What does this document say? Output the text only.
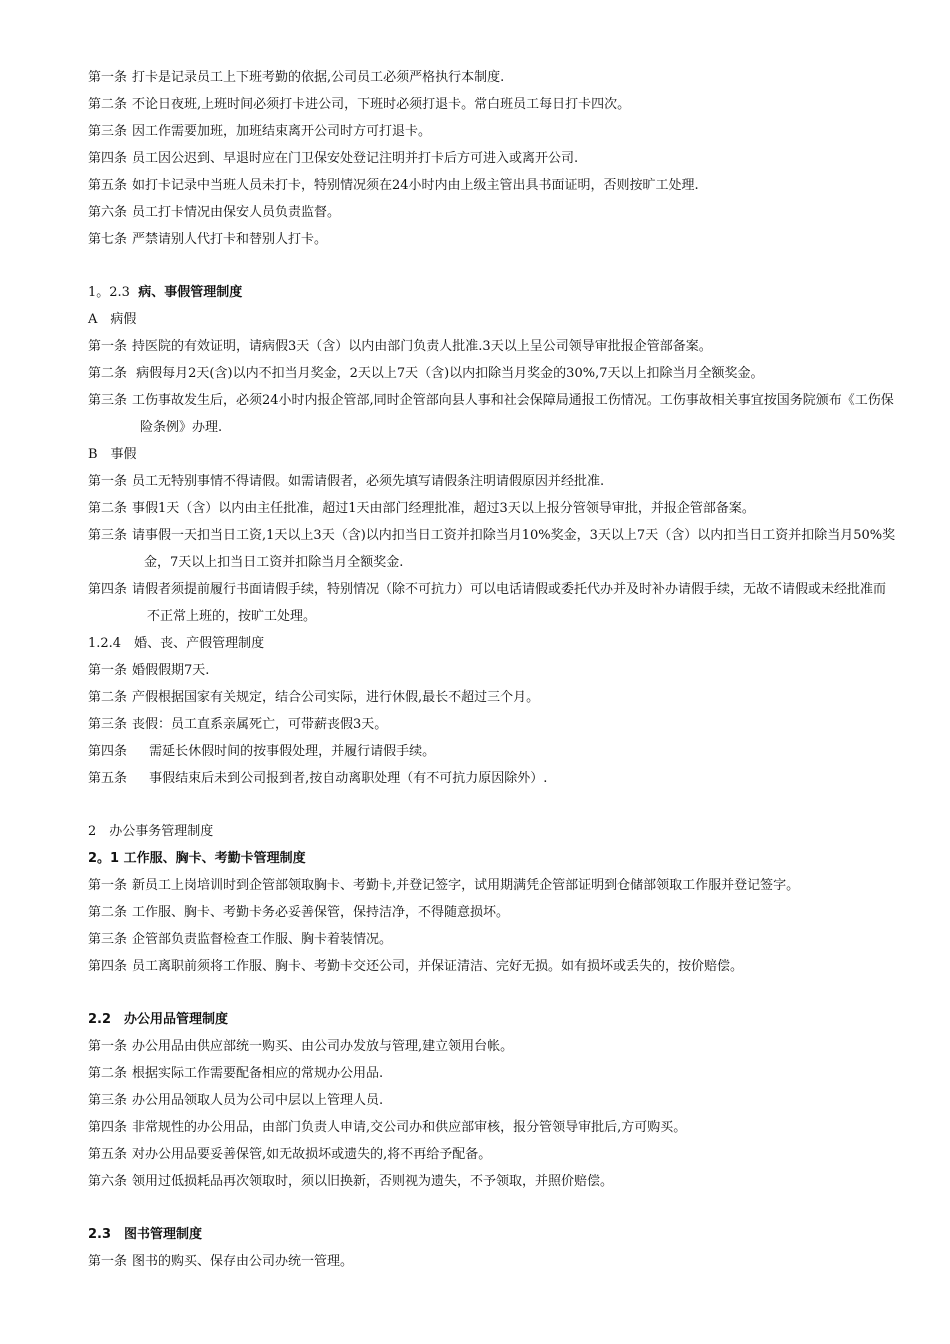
第一条 打卡是记录员工上下班考勤的依据,公司员工必须严格执行本制度.
第二条 不论日夜班,上班时间必须打卡进公司，下班时必须打退卡。常白班员工每日打卡四次。
第三条 因工作需要加班，加班结束离开公司时方可打退卡。
第四条 员工因公迟到、早退时应在门卫保安处登记注明并打卡后方可进入或离开公司.
第五条 如打卡记录中当班人员未打卡，特别情况须在24小时内由上级主管出具书面证明，否则按旷工处理.
第六条 员工打卡情况由保安人员负责监督。
第七条 严禁请别人代打卡和替别人打卡。
1。2.3 病、事假管理制度
A　病假
第一条 持医院的有效证明，请病假3天（含）以内由部门负责人批准.3天以上呈公司领导审批报企管部备案。
第二条 病假每月2天(含)以内不扣当月奖金，2天以上7天（含)以内扣除当月奖金的30%,7天以上扣除当月全额奖金。
第三条 工伤事故发生后，必须24小时内报企管部,同时企管部向县人事和社会保障局通报工伤情况。工伤事故相关事宜按国务院颁布《工伤保险条例》办理.
B　事假
第一条 员工无特别事情不得请假。如需请假者，必须先填写请假条注明请假原因并经批准.
第二条 事假1天（含）以内由主任批准，超过1天由部门经理批准，超过3天以上报分管领导审批，并报企管部备案。
第三条 请事假一天扣当日工资,1天以上3天（含)以内扣当日工资并扣除当月10%奖金，3天以上7天（含）以内扣当日工资并扣除当月50%奖金，7天以上扣当日工资并扣除当月全额奖金.
第四条 请假者须提前履行书面请假手续，特别情况（除不可抗力）可以电话请假或委托代办并及时补办请假手续，无故不请假或未经批准而不正常上班的，按旷工处理。
1.2.4　婚、丧、产假管理制度
第一条 婚假假期7天.
第二条 产假根据国家有关规定，结合公司实际，进行休假,最长不超过三个月。
第三条 丧假：员工直系亲属死亡，可带薪丧假3天。
第四条　 需延长休假时间的按事假处理，并履行请假手续。
第五条　 事假结束后未到公司报到者,按自动离职处理（有不可抗力原因除外）.
2　办公事务管理制度
2。1 工作服、胸卡、考勤卡管理制度
第一条 新员工上岗培训时到企管部领取胸卡、考勤卡,并登记签字，试用期满凭企管部证明到仓储部领取工作服并登记签字。
第二条 工作服、胸卡、考勤卡务必妥善保管，保持洁净，不得随意损坏。
第三条 企管部负责监督检查工作服、胸卡着装情况。
第四条 员工离职前须将工作服、胸卡、考勤卡交还公司，并保证清洁、完好无损。如有损坏或丢失的，按价赔偿。
2.2　办公用品管理制度
第一条 办公用品由供应部统一购买、由公司办发放与管理,建立领用台帐。
第二条 根据实际工作需要配备相应的常规办公用品.
第三条 办公用品领取人员为公司中层以上管理人员.
第四条 非常规性的办公用品，由部门负责人申请,交公司办和供应部审核，报分管领导审批后,方可购买。
第五条 对办公用品要妥善保管,如无故损坏或遗失的,将不再给予配备。
第六条 领用过低损耗品再次领取时，须以旧换新，否则视为遗失，不予领取，并照价赔偿。
2.3　图书管理制度
第一条 图书的购买、保存由公司办统一管理。
